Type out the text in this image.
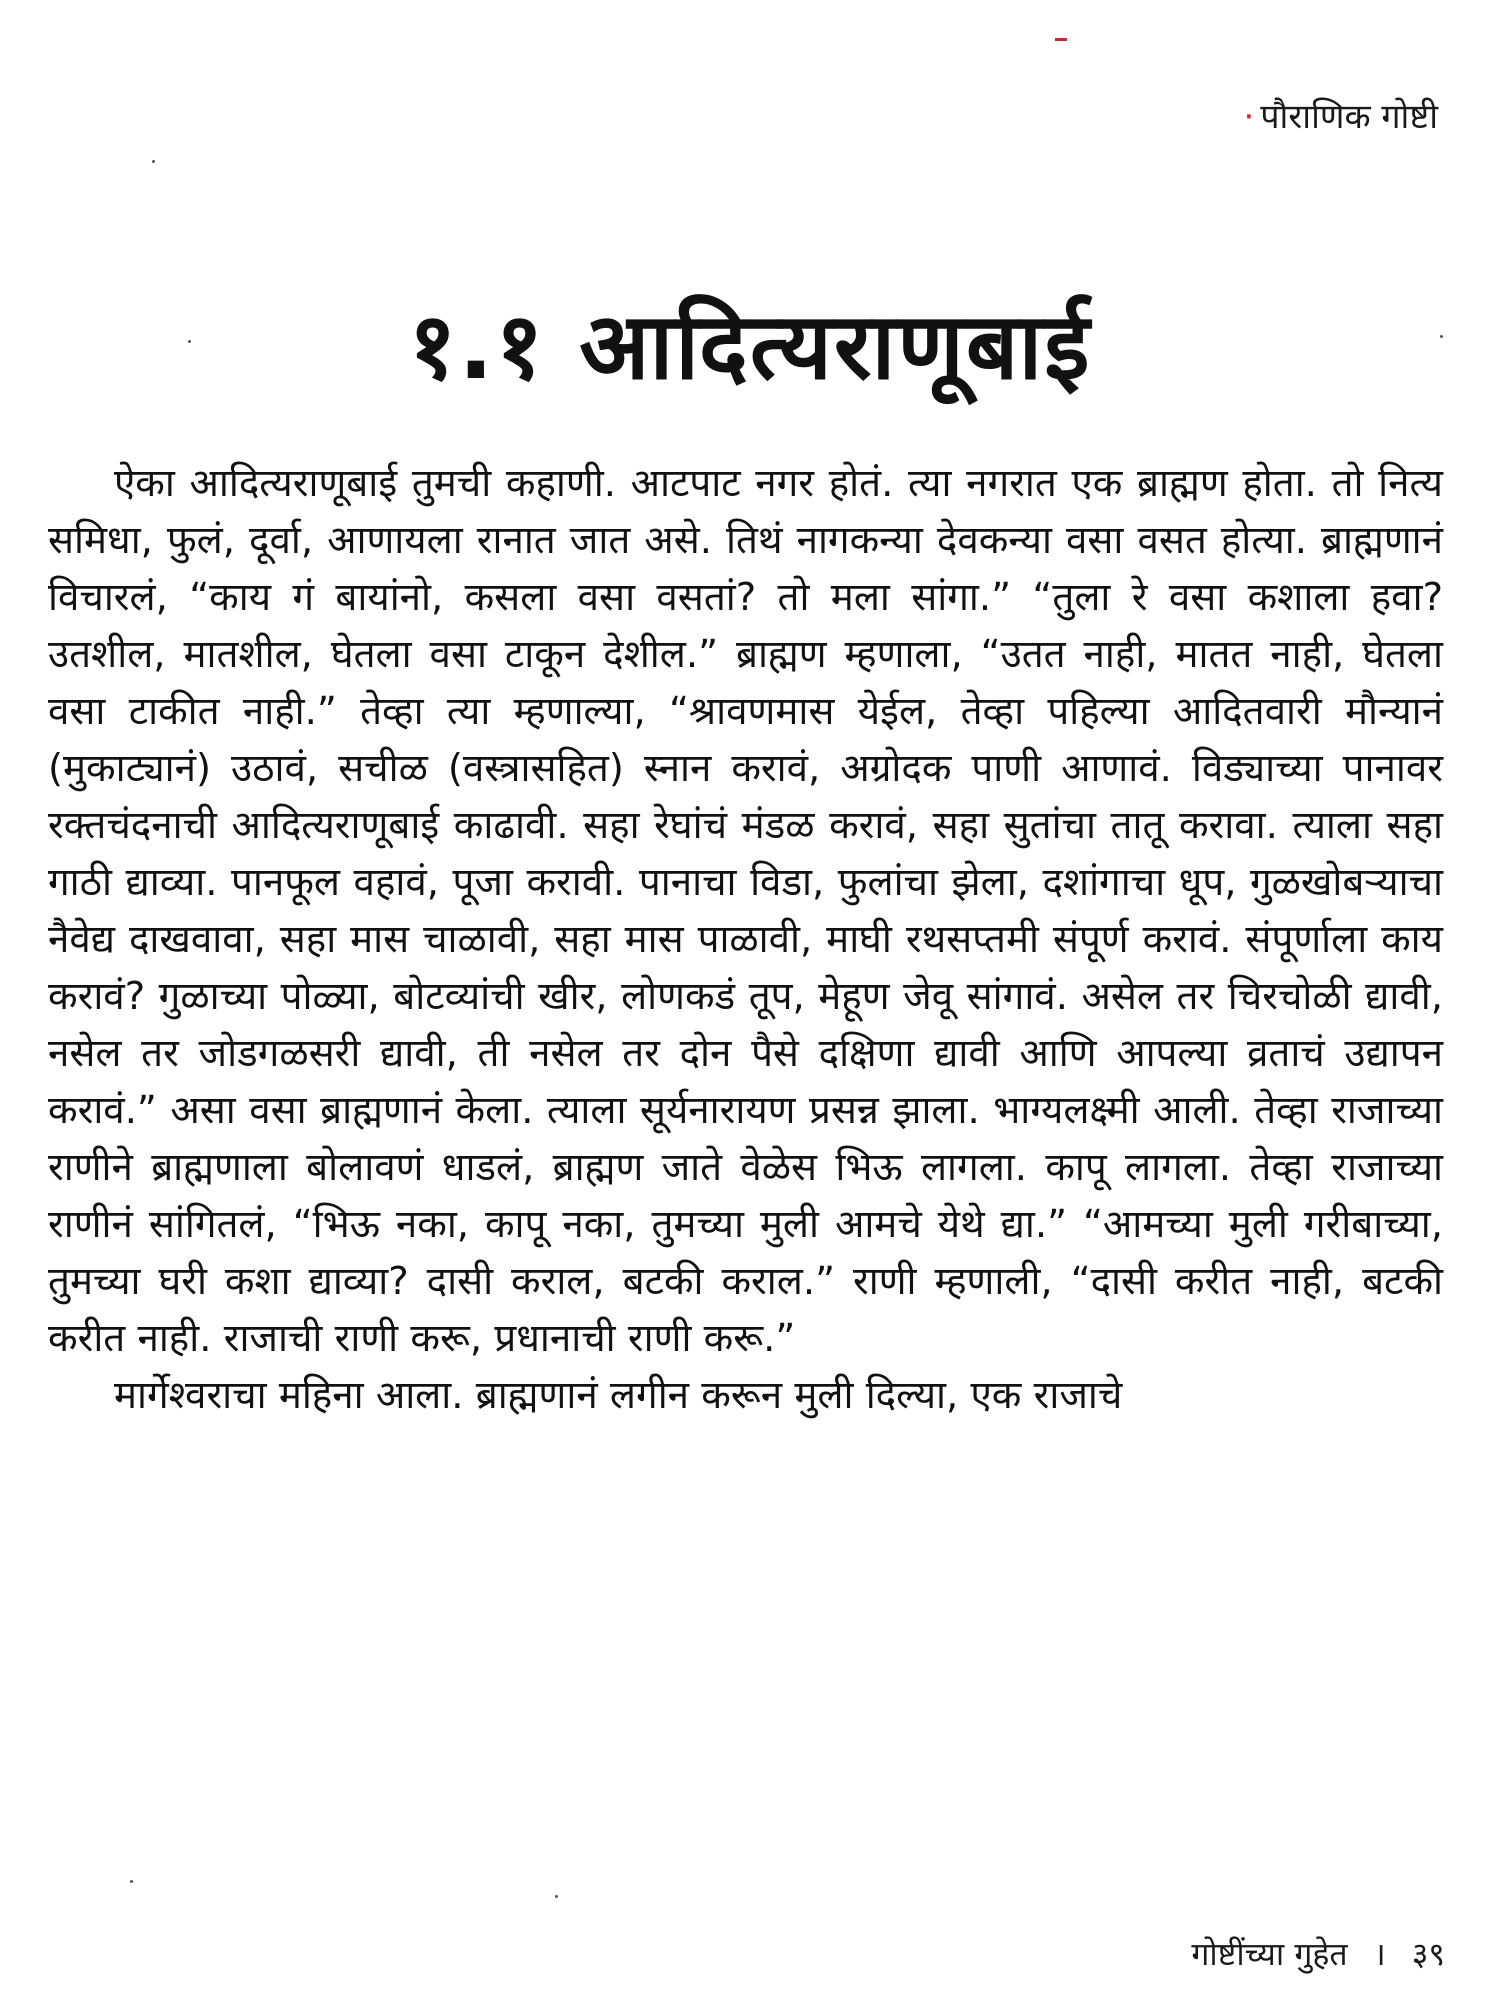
· पौराणिक गोष्टी
१.१ आदित्यराणूबाई

ऐका आदित्यराणूबाई तुमची कहाणी. आटपाट नगर होतं. त्या नगरात एक ब्राह्मण होता. तो नित्य समिधा, फुलं, दूर्वा, आणायला रानात जात असे. तिथं नागकन्या देवकन्या वसा वसत होत्या. ब्राह्मणानं विचारलं, “काय गं बायांनो, कसला वसा वसतां? तो मला सांगा.” “तुला रे वसा कशाला हवा? उतशील, मातशील, घेतला वसा टाकून देशील.” ब्राह्मण म्हणाला, “उतत नाही, मातत नाही, घेतला वसा टाकीत नाही.” तेव्हा त्या म्हणाल्या, “श्रावणमास येईल, तेव्हा पहिल्या आदितवारी मौन्यानं (मुकाट्यानं) उठावं, सचीळ (वस्त्रासहित) स्नान करावं, अग्रोदक पाणी आणावं. विड्याच्या पानावर रक्तचंदनाची आदित्यराणूबाई काढावी. सहा रेघांचं मंडळ करावं, सहा सुतांचा तातू करावा. त्याला सहा गाठी द्याव्या. पानफूल वहावं, पूजा करावी. पानाचा विडा, फुलांचा झेला, दशांगाचा धूप, गुळखोबऱ्याचा नैवेद्य दाखवावा, सहा मास चाळावी, सहा मास पाळावी, माघी रथसप्तमी संपूर्ण करावं. संपूर्णाला काय करावं? गुळाच्या पोळ्या, बोटव्यांची खीर, लोणकडं तूप, मेहूण जेवू सांगावं. असेल तर चिरचोळी द्यावी, नसेल तर जोडगळसरी द्यावी, ती नसेल तर दोन पैसे दक्षिणा द्यावी आणि आपल्या व्रताचं उद्यापन करावं.” असा वसा ब्राह्मणानं केला. त्याला सूर्यनारायण प्रसन्न झाला. भाग्यलक्ष्मी आली. तेव्हा राजाच्या राणीने ब्राह्मणाला बोलावणं धाडलं, ब्राह्मण जाते वेळेस भिऊ लागला. कापू लागला. तेव्हा राजाच्या राणीनं सांगितलं, “भिऊ नका, कापू नका, तुमच्या मुली आमचे येथे द्या.” “आमच्या मुली गरीबाच्या, तुमच्या घरी कशा द्याव्या? दासी कराल, बटकी कराल.” राणी म्हणाली, “दासी करीत नाही, बटकी करीत नाही. राजाची राणी करू, प्रधानाची राणी करू.”

मार्गेश्वराचा महिना आला. ब्राह्मणानं लगीन करून मुली दिल्या, एक राजाचे

गोष्टींच्या गुहेत । ३९
